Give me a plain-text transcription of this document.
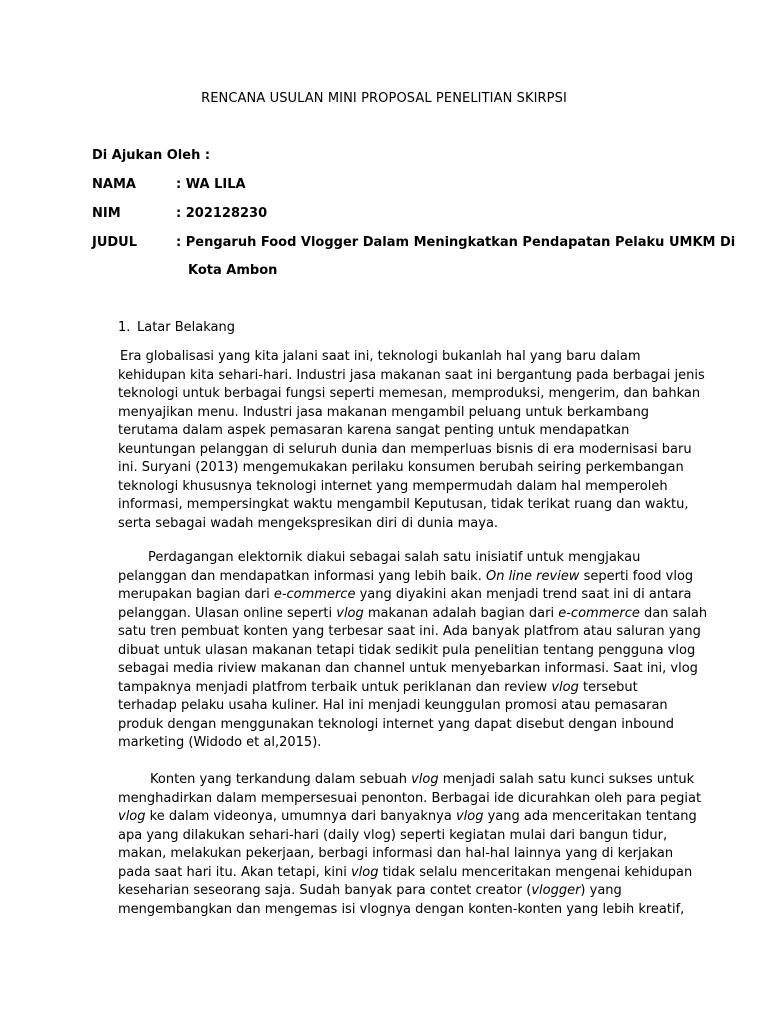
RENCANA USULAN MINI PROPOSAL PENELITIAN SKIRPSI
Di Ajukan Oleh :
NAMA	: WA LILA
NIM	: 202128230
JUDUL	: Pengaruh Food Vlogger Dalam Meningkatkan Pendapatan Pelaku UMKM Di
Kota Ambon
1. Latar Belakang
Era globalisasi yang kita jalani saat ini, teknologi bukanlah hal yang baru dalam
kehidupan kita sehari-hari. Industri jasa makanan saat ini bergantung pada berbagai jenis
teknologi untuk berbagai fungsi seperti memesan, memproduksi, mengerim, dan bahkan
menyajikan menu. Industri jasa makanan mengambil peluang untuk berkambang
terutama dalam aspek pemasaran karena sangat penting untuk mendapatkan
keuntungan pelanggan di seluruh dunia dan memperluas bisnis di era modernisasi baru
ini. Suryani (2013) mengemukakan perilaku konsumen berubah seiring perkembangan
teknologi khususnya teknologi internet yang mempermudah dalam hal memperoleh
informasi, mempersingkat waktu mengambil Keputusan, tidak terikat ruang dan waktu,
serta sebagai wadah mengekspresikan diri di dunia maya.
Perdagangan elektornik diakui sebagai salah satu inisiatif untuk mengjakau
pelanggan dan mendapatkan informasi yang lebih baik. On line review seperti food vlog
merupakan bagian dari e-commerce yang diyakini akan menjadi trend saat ini di antara
pelanggan. Ulasan online seperti vlog makanan adalah bagian dari e-commerce dan salah
satu tren pembuat konten yang terbesar saat ini. Ada banyak platfrom atau saluran yang
dibuat untuk ulasan makanan tetapi tidak sedikit pula penelitian tentang pengguna vlog
sebagai media riview makanan dan channel untuk menyebarkan informasi. Saat ini, vlog
tampaknya menjadi platfrom terbaik untuk periklanan dan review vlog tersebut
terhadap pelaku usaha kuliner. Hal ini menjadi keunggulan promosi atau pemasaran
produk dengan menggunakan teknologi internet yang dapat disebut dengan inbound
marketing (Widodo et al,2015).
Konten yang terkandung dalam sebuah vlog menjadi salah satu kunci sukses untuk
menghadirkan dalam mempersesuai penonton. Berbagai ide dicurahkan oleh para pegiat
vlog ke dalam videonya, umumnya dari banyaknya vlog yang ada menceritakan tentang
apa yang dilakukan sehari-hari (daily vlog) seperti kegiatan mulai dari bangun tidur,
makan, melakukan pekerjaan, berbagi informasi dan hal-hal lainnya yang di kerjakan
pada saat hari itu. Akan tetapi, kini vlog tidak selalu menceritakan mengenai kehidupan
keseharian seseorang saja. Sudah banyak para contet creator (vlogger) yang
mengembangkan dan mengemas isi vlognya dengan konten-konten yang lebih kreatif,
